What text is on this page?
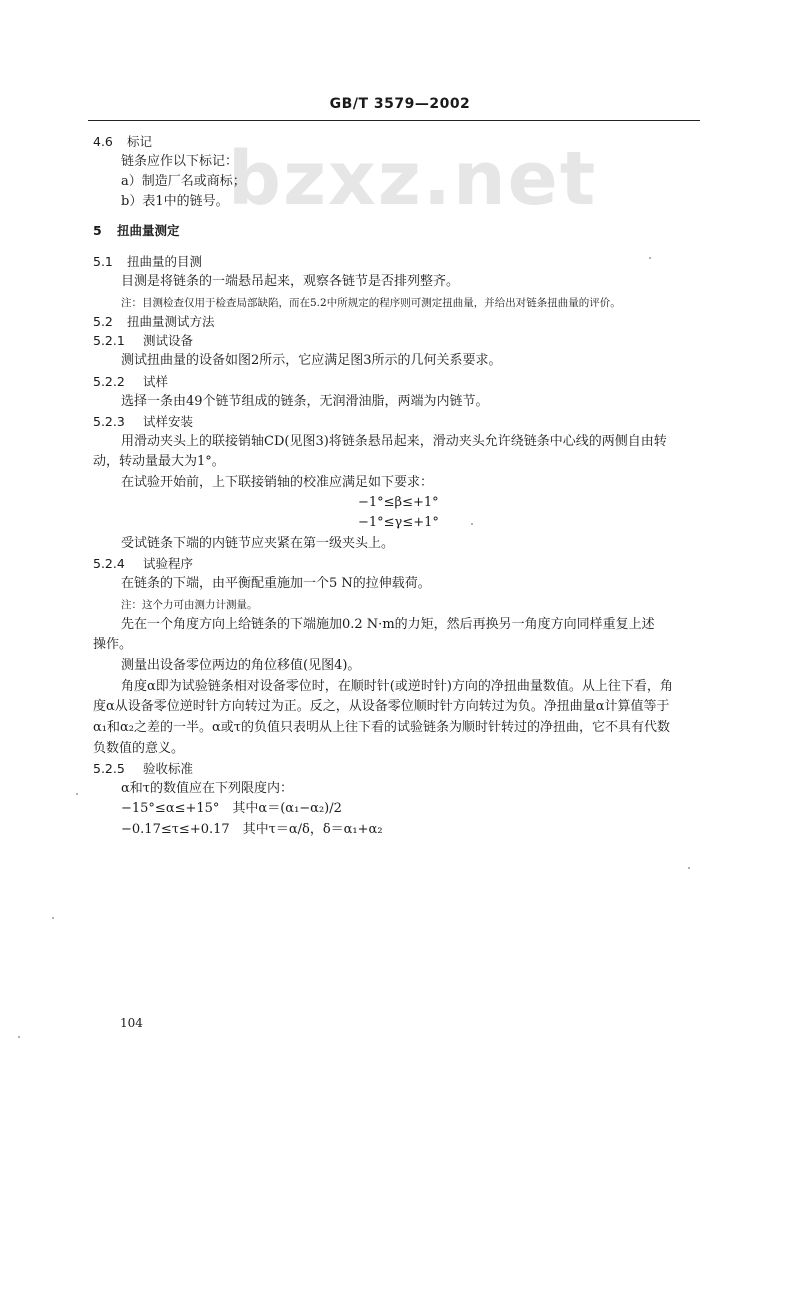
GB/T 3579—2002
bzxz.net
4.6 标记
链条应作以下标记：
a）制造厂名或商标；
b）表1中的链号。
5 扭曲量测定
5.1 扭曲量的目测
目测是将链条的一端悬吊起来，观察各链节是否排列整齐。
注：目测检查仅用于检查局部缺陷，而在5.2中所规定的程序则可测定扭曲量，并给出对链条扭曲量的评价。
5.2 扭曲量测试方法
5.2.1 测试设备
测试扭曲量的设备如图2所示，它应满足图3所示的几何关系要求。
5.2.2 试样
选择一条由49个链节组成的链条，无润滑油脂，两端为内链节。
5.2.3 试样安装
用滑动夹头上的联接销轴CD(见图3)将链条悬吊起来，滑动夹头允许绕链条中心线的两侧自由转
动，转动量最大为1°。
在试验开始前，上下联接销轴的校准应满足如下要求：
−1°≤β≤+1°
−1°≤γ≤+1°
受试链条下端的内链节应夹紧在第一级夹头上。
5.2.4 试验程序
在链条的下端，由平衡配重施加一个5 N的拉伸载荷。
注：这个力可由测力计测量。
先在一个角度方向上给链条的下端施加0.2 N·m的力矩，然后再换另一角度方向同样重复上述
操作。
测量出设备零位两边的角位移值(见图4)。
角度α即为试验链条相对设备零位时，在顺时针(或逆时针)方向的净扭曲量数值。从上往下看，角
度α从设备零位逆时针方向转过为正。反之，从设备零位顺时针方向转过为负。净扭曲量α计算值等于
α₁和α₂之差的一半。α或τ的负值只表明从上往下看的试验链条为顺时针转过的净扭曲，它不具有代数
负数值的意义。
5.2.5 验收标准
α和τ的数值应在下列限度内：
−15°≤α≤+15°　其中α＝(α₁−α₂)/2
−0.17≤τ≤+0.17　其中τ＝α/δ，δ＝α₁+α₂
104
